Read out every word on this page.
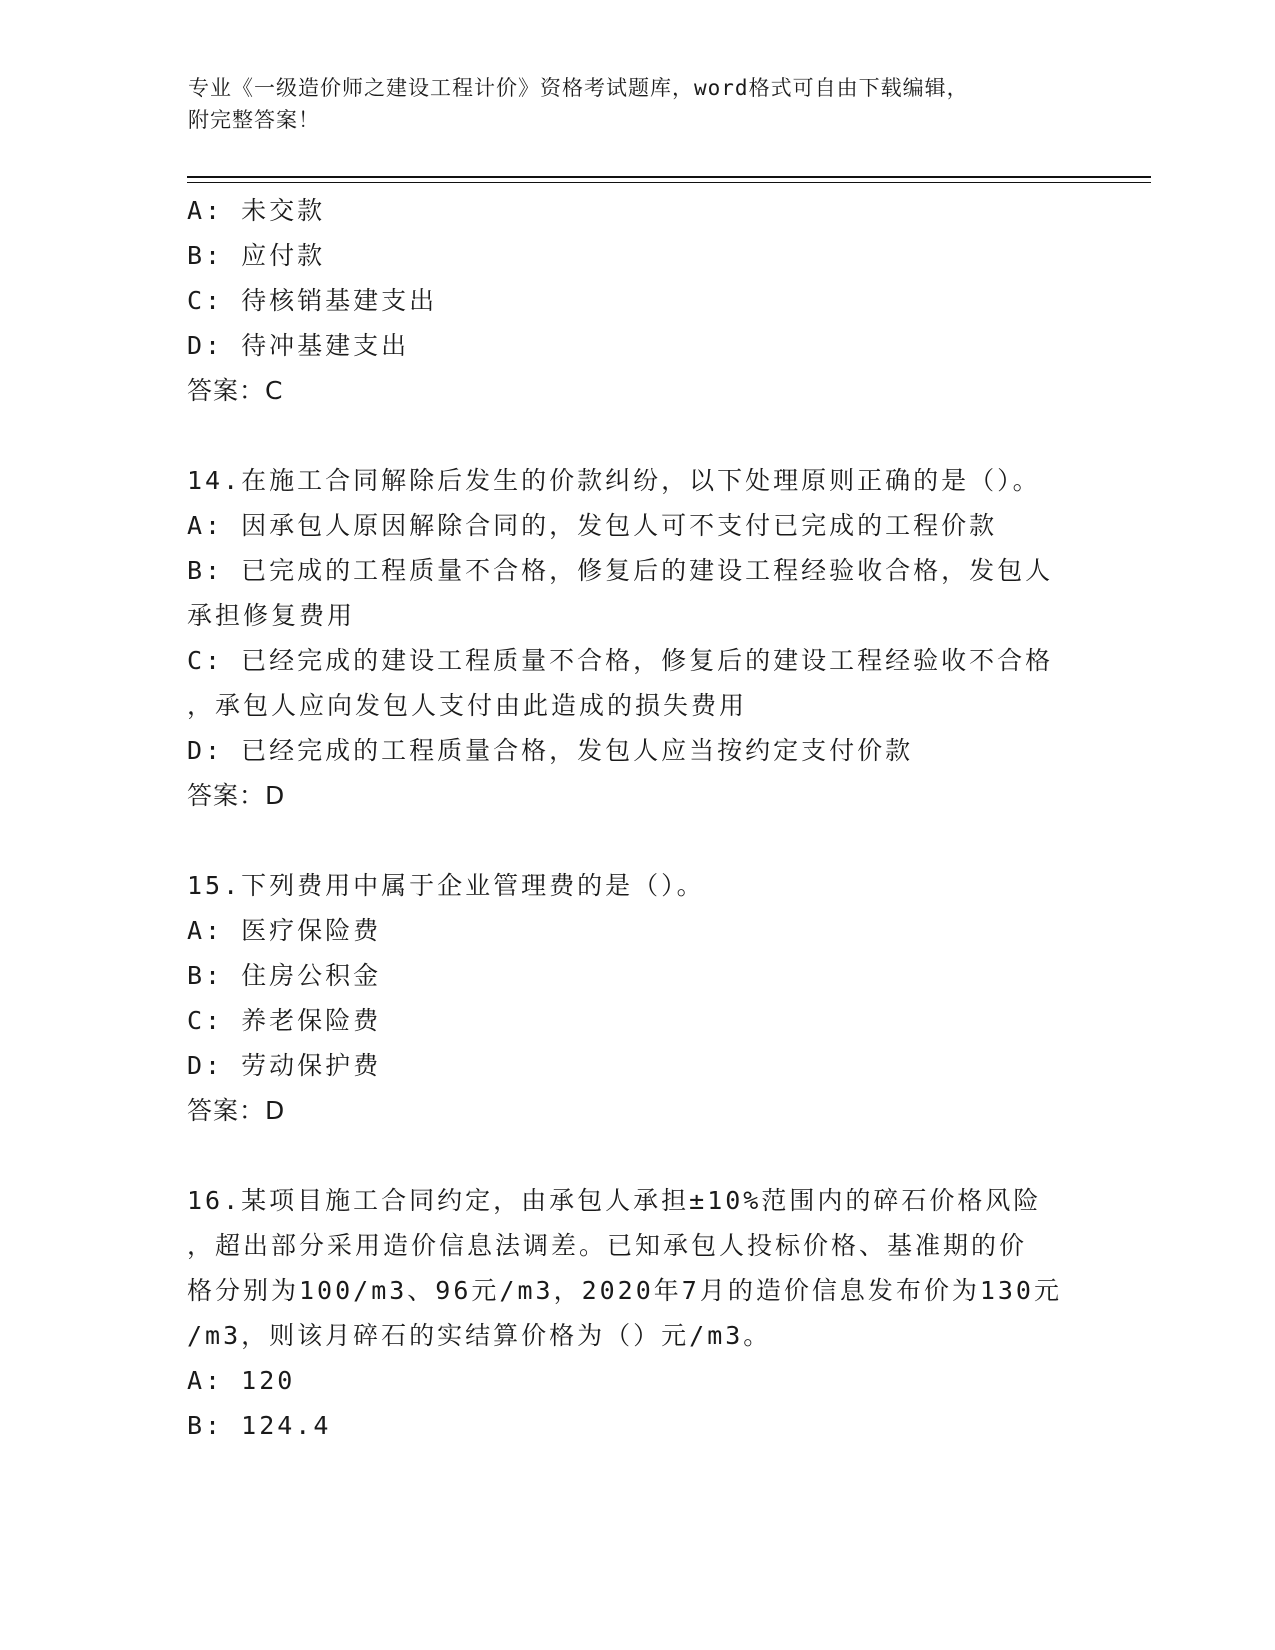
专业《一级造价师之建设工程计价》资格考试题库，word格式可自由下载编辑，
附完整答案！
A: 未交款
B: 应付款
C: 待核销基建支出
D: 待冲基建支出
答案：C
14.在施工合同解除后发生的价款纠纷，以下处理原则正确的是（）。
A: 因承包人原因解除合同的，发包人可不支付已完成的工程价款
B: 已完成的工程质量不合格，修复后的建设工程经验收合格，发包人
承担修复费用
C: 已经完成的建设工程质量不合格，修复后的建设工程经验收不合格
，承包人应向发包人支付由此造成的损失费用
D: 已经完成的工程质量合格，发包人应当按约定支付价款
答案：D
15.下列费用中属于企业管理费的是（）。
A: 医疗保险费
B: 住房公积金
C: 养老保险费
D: 劳动保护费
答案：D
16.某项目施工合同约定，由承包人承担±10%范围内的碎石价格风险
，超出部分采用造价信息法调差。已知承包人投标价格、基准期的价
格分别为100/m3、96元/m3，2020年7月的造价信息发布价为130元
/m3，则该月碎石的实结算价格为（）元/m3。
A: 120
B: 124.4
